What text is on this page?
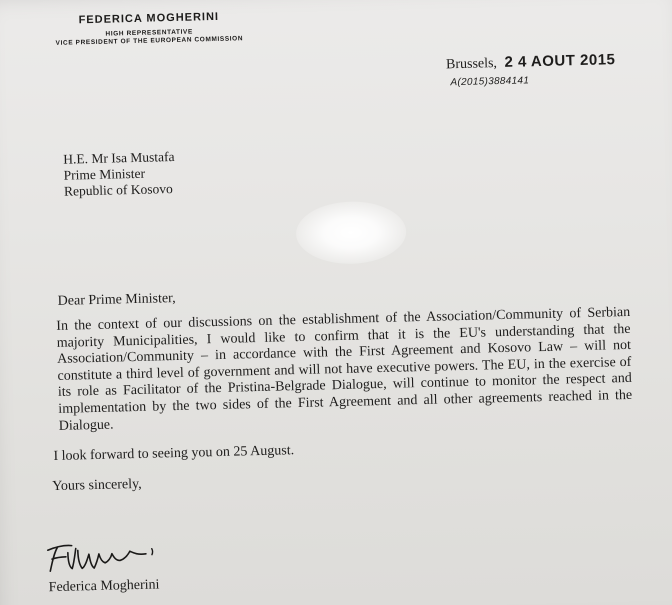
FEDERICA MOGHERINI
HIGH REPRESENTATIVE
VICE PRESIDENT OF THE EUROPEAN COMMISSION
Brussels, 2 4 AOUT 2015
A(2015)3884141
H.E. Mr Isa Mustafa
Prime Minister
Republic of Kosovo
Dear Prime Minister,
In the context of our discussions on the establishment of the Association/Community of Serbian majority Municipalities, I would like to confirm that it is the EU's understanding that the Association/Community – in accordance with the First Agreement and Kosovo Law – will not constitute a third level of government and will not have executive powers. The EU, in the exercise of its role as Facilitator of the Pristina-Belgrade Dialogue, will continue to monitor the respect and implementation by the two sides of the First Agreement and all other agreements reached in the Dialogue.
I look forward to seeing you on 25 August.
Yours sincerely,
Federica Mogherini
